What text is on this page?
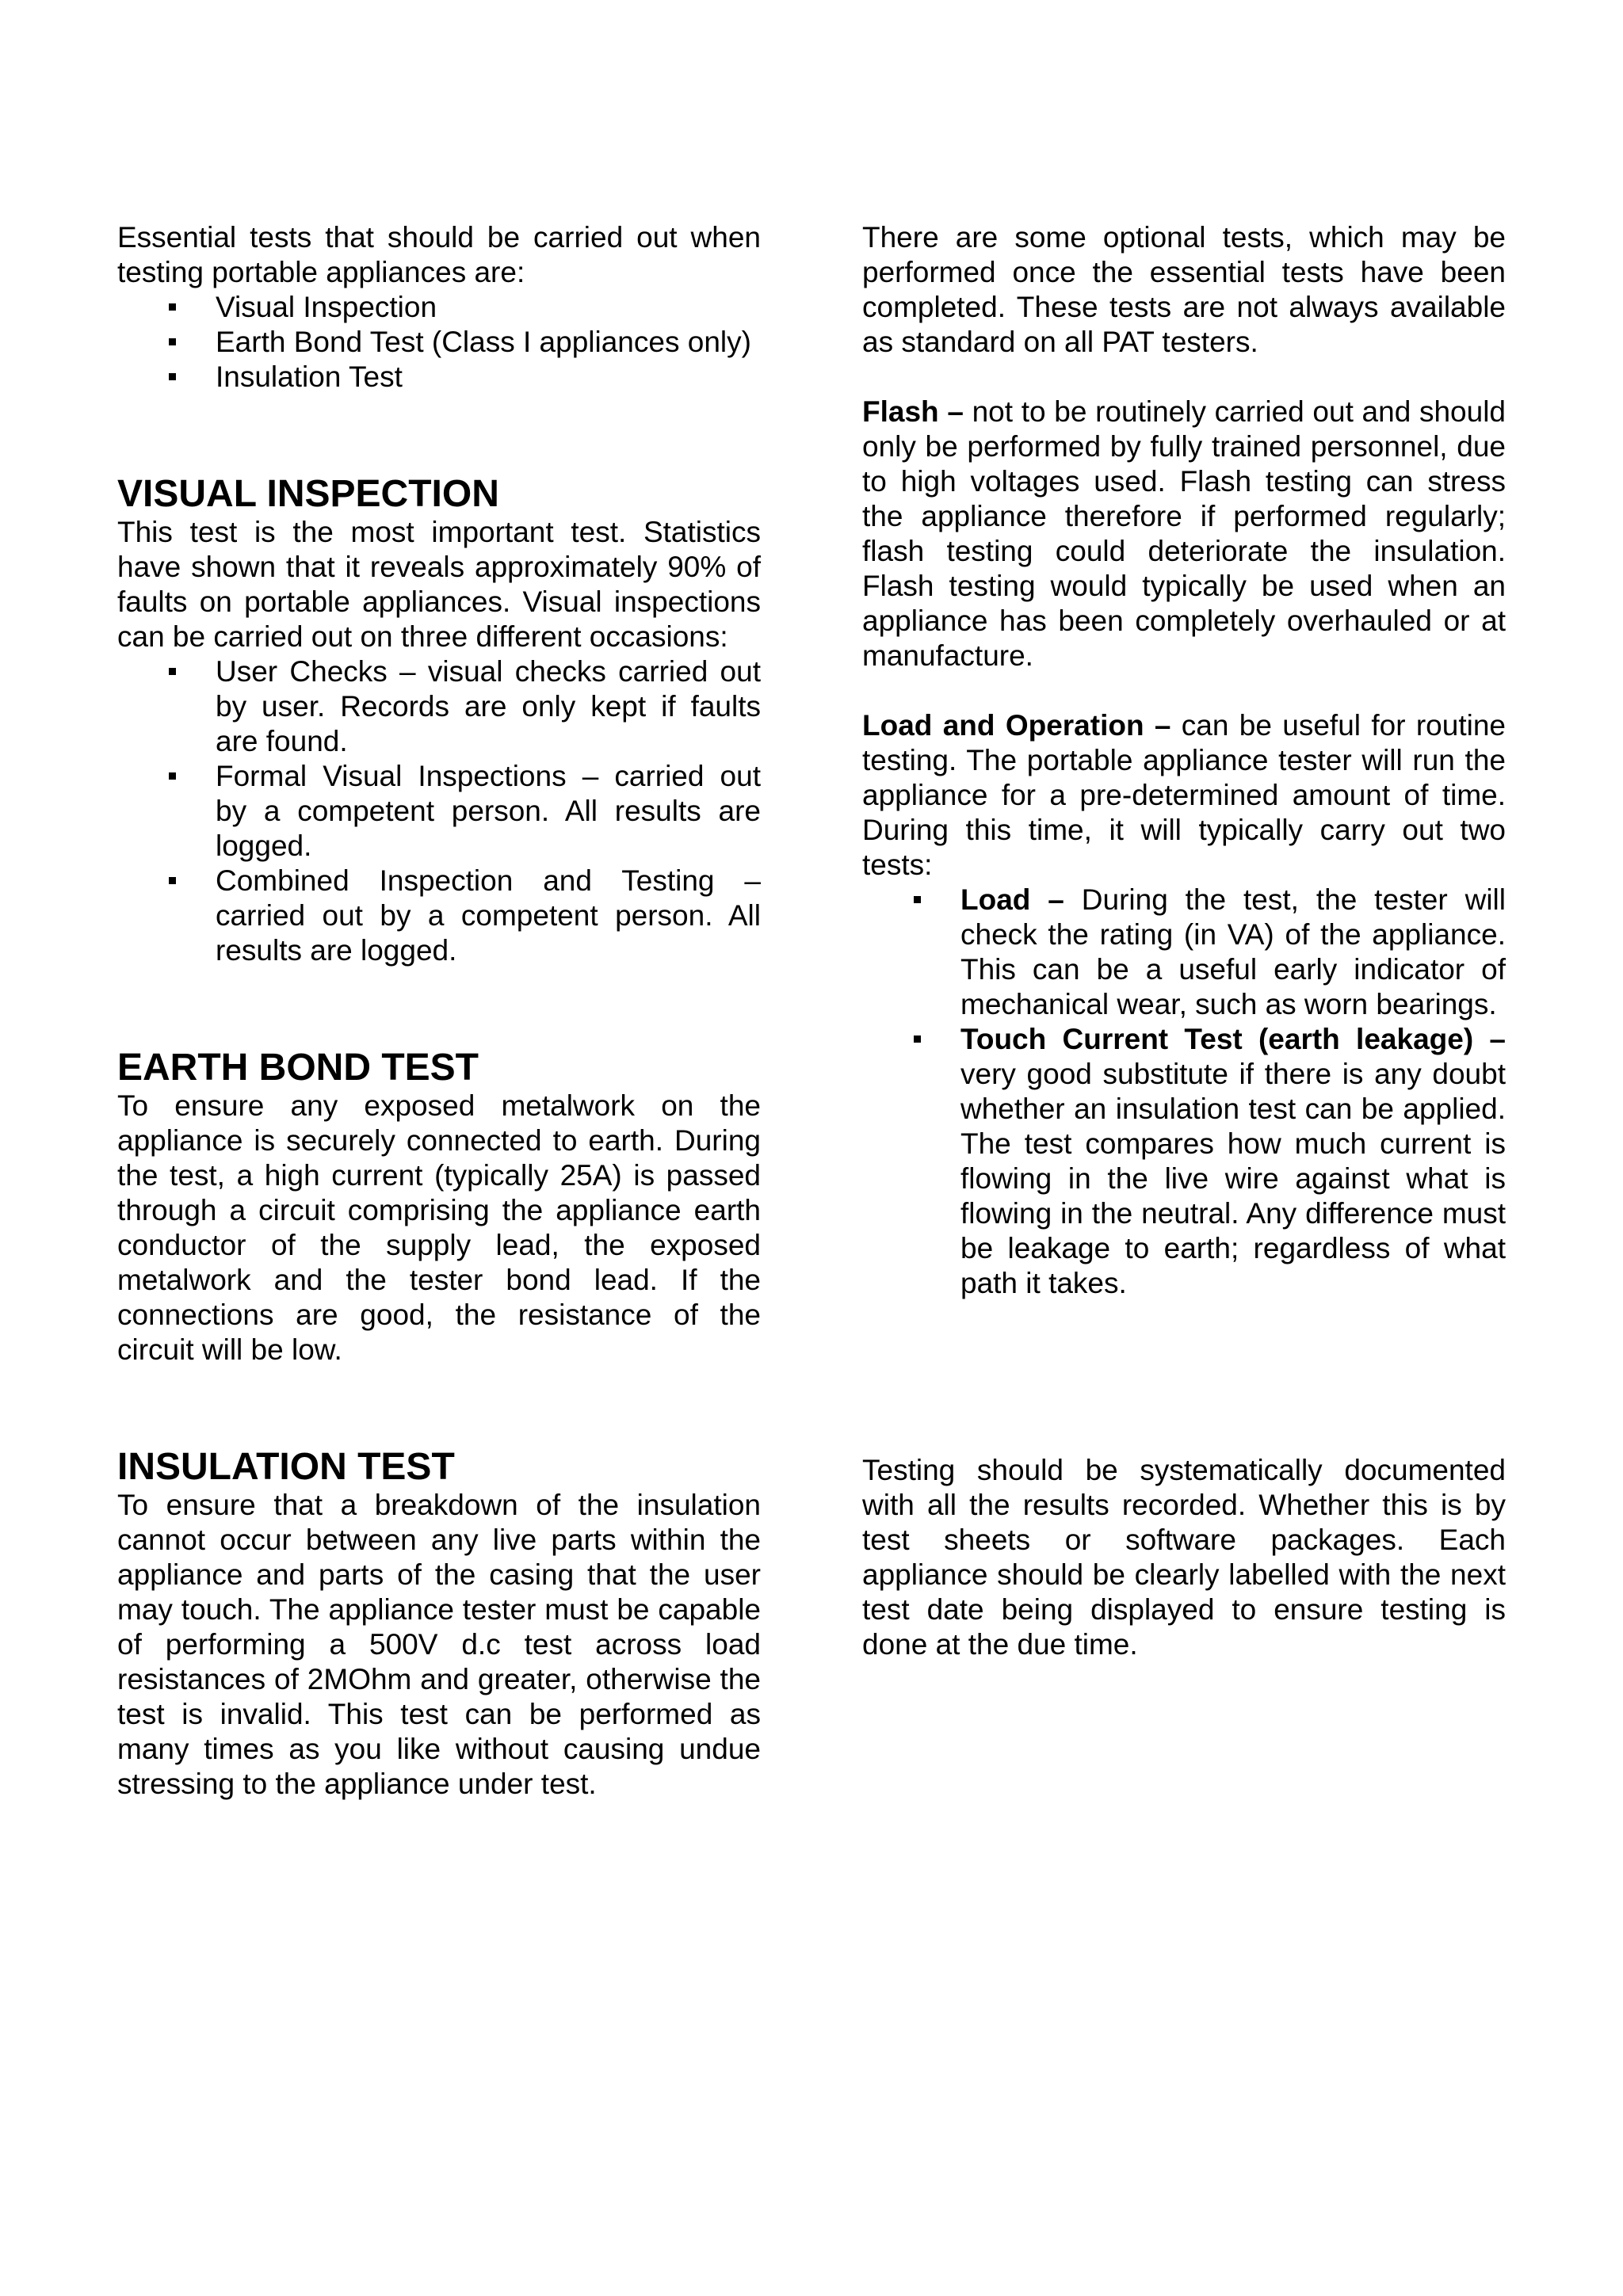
Essential tests that should be carried out when testing portable appliances are:

Visual Inspection
Earth Bond Test (Class I appliances only)
Insulation Test
VISUAL INSPECTION

This test is the most important test. Statistics have shown that it reveals approximately 90% of faults on portable appliances. Visual inspections can be carried out on three different occasions:

User Checks – visual checks carried out by user. Records are only kept if faults are found.
Formal Visual Inspections – carried out by a competent person. All results are logged.
Combined Inspection and Testing – carried out by a competent person. All results are logged.
EARTH BOND TEST

To ensure any exposed metalwork on the appliance is securely connected to earth. During the test, a high current (typically 25A) is passed through a circuit comprising the appliance earth conductor of the supply lead, the exposed metalwork and the tester bond lead. If the connections are good, the resistance of the circuit will be low.

INSULATION TEST

To ensure that a breakdown of the insulation cannot occur between any live parts within the appliance and parts of the casing that the user may touch. The appliance tester must be capable of performing a 500V d.c test across load resistances of 2MOhm and greater, otherwise the test is invalid. This test can be performed as many times as you like without causing undue stressing to the appliance under test.

There are some optional tests, which may be performed once the essential tests have been completed. These tests are not always available as standard on all PAT testers.

Flash – not to be routinely carried out and should only be performed by fully trained personnel, due to high voltages used. Flash testing can stress the appliance therefore if performed regularly; flash testing could deteriorate the insulation. Flash testing would typically be used when an appliance has been completely overhauled or at manufacture.

Load and Operation – can be useful for routine testing. The portable appliance tester will run the appliance for a pre-determined amount of time. During this time, it will typically carry out two tests:

Load – During the test, the tester will check the rating (in VA) of the appliance. This can be a useful early indicator of mechanical wear, such as worn bearings.
Touch Current Test (earth leakage) – very good substitute if there is any doubt whether an insulation test can be applied. The test compares how much current is flowing in the live wire against what is flowing in the neutral. Any difference must be leakage to earth; regardless of what path it takes.

Testing should be systematically documented with all the results recorded. Whether this is by test sheets or software packages. Each appliance should be clearly labelled with the next test date being displayed to ensure testing is done at the due time.
